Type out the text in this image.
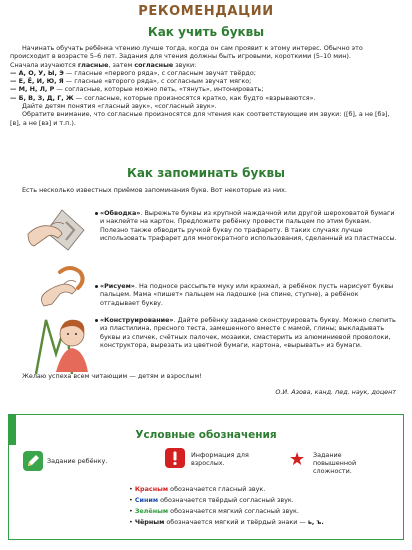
РЕКОМЕНДАЦИИ
Как учить буквы

Начинать обучать ребёнка чтению лучше тогда, когда он сам проявит к этому интерес. Обычно это происходит в возрасте 5–6 лет. Задания для чтения должны быть игровыми, короткими (5–10 мин).

Сначала изучаются гласные, затем согласные звуки:

— А, О, У, Ы, Э — гласные «первого ряда», с согласным звучат твёрдо;

— Е, Ё, И, Ю, Я — гласные «второго ряда», с согласным звучат мягко;

— М, Н, Л, Р — согласные, которые можно петь, «тянуть», интонировать;

— Б, В, З, Д, Г, Ж — согласные, которые произносятся кратко, как будто «взрываются».

Дайте детям понятия «гласный звук», «согласный звук».

Обратите внимание, что согласные произносятся для чтения как соответствующие им звуки: ([б], а не [бэ], [в], а не [вэ] и т.п.).

Как запоминать буквы
Есть несколько известных приёмов запоминания букв. Вот некоторые из них.
«Обводка». Вырежьте буквы из крупной наждачной или другой шероховатой бумаги и наклейте на картон. Предложите ребёнку провести пальцем по этим буквам. Полезно также обводить ручкой букву по трафарету. В таких случаях лучше использовать трафарет для многократного использования, сделанный из пластмассы.
«Рисуем». На подносе рассыпьте муку или крахмал, а ребёнок пусть нарисует буквы пальцем. Мама «пишет» пальцем на ладошке (на спине, ступне), а ребёнок отгадывает букву.
«Конструирование». Дайте ребёнку задание сконструировать букву. Можно слепить из пластилина, пресного теста, замешенного вместе с мамой, глины; выкладывать буквы из спичек, счётных палочек, мозаики, смастерить из алюминиевой проволоки, конструктора, вырезать из цветной бумаги, картона, «вырывать» из бумаги.
Желаю успеха всем читающим — детям и взрослым!
О.И. Азова, канд. пед. наук, доцент
Условные обозначения
Задание ребёнку.
Информация для взрослых.	★ Задание повышенной сложности.
• Красным обозначается гласный звук.
• Синим обозначается твёрдый согласный звук.
• Зелёным обозначается мягкий согласный звук.
• Чёрным обозначается мягкий и твёрдый знаки — ь, ъ.
